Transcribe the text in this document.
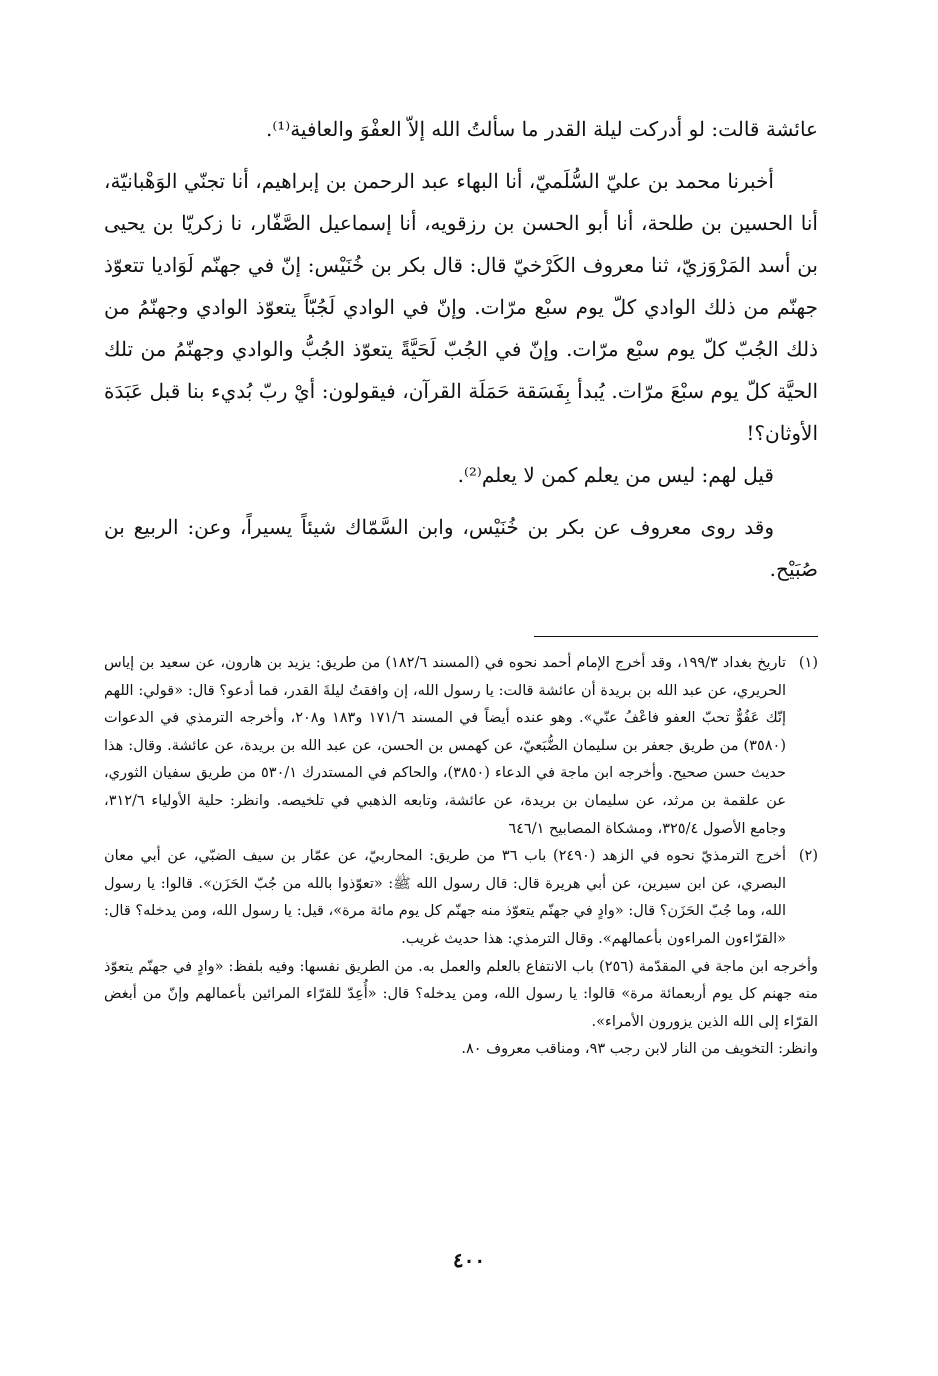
عائشة قالت: لو أدركت ليلة القدر ما سألتُ الله إلاّ العفْوَ والعافية⁽¹⁾.

أخبرنا محمد بن عليّ السُّلَميّ، أنا البهاء عبد الرحمن بن إبراهيم، أنا تجنّي الوَهْبانيّة، أنا الحسين بن طلحة، أنا أبو الحسن بن رزقويه، أنا إسماعيل الصَّفّار، نا زكريّا بن يحيى بن أسد المَرْوَزيّ، ثنا معروف الكَرْخيّ قال: قال بكر بن خُنَيْس: إنّ في جهنّم لَوَاديا تتعوّذ جهنّم من ذلك الوادي كلّ يوم سبْع مرّات. وإنّ في الوادي لَجُبّاً يتعوّذ الوادي وجهنّمُ من ذلك الجُبّ كلّ يوم سبْع مرّات. وإنّ في الجُبّ لَحَيَّةً يتعوّذ الجُبُّ والوادي وجهنّمُ من تلك الحيَّة كلّ يوم سبْعَ مرّات. يُبدأ بِفَسَقة حَمَلَة القرآن، فيقولون: أيْ ربّ بُديء بنا قبل عَبَدَة الأوثان؟!

قيل لهم: ليس من يعلم كمن لا يعلم⁽²⁾.

وقد روى معروف عن بكر بن خُنَيْس، وابن السَّمّاك شيئاً يسيراً، وعن: الربيع بن صُبَيْح.

(١)
تاريخ بغداد ١٩٩/٣، وقد أخرج الإمام أحمد نحوه في (المسند ١٨٢/٦) من طريق: يزيد بن هارون، عن سعيد بن إياس الحريري، عن عبد الله بن بريدة أن عائشة قالت: يا رسول الله، إن وافقتُ ليلةَ القدر، فما أدعو؟ قال: «قولي: اللهم إنّك عَفُوٌّ تحبّ العفو فاعْفُ عنّي». وهو عنده أيضاً في المسند ١٧١/٦ و١٨٣ و٢٠٨، وأخرجه الترمذي في الدعوات (٣٥٨٠) من طريق جعفر بن سليمان الضُّبَعيّ، عن كهمس بن الحسن، عن عبد الله بن بريدة، عن عائشة. وقال: هذا حديث حسن صحيح. وأخرجه ابن ماجة في الدعاء (٣٨٥٠)، والحاكم في المستدرك ٥٣٠/١ من طريق سفيان الثوري، عن علقمة بن مرثد، عن سليمان بن بريدة، عن عائشة، وتابعه الذهبي في تلخيصه. وانظر: حلية الأولياء ٣١٢/٦، وجامع الأصول ٣٢٥/٤، ومشكاة المصابيح ٦٤٦/١
(٢)
أخرج الترمذيّ نحوه في الزهد (٢٤٩٠) باب ٣٦ من طريق: المحاربيّ، عن عمّار بن سيف الضبّي، عن أبي معان البصري، عن ابن سيرين، عن أبي هريرة قال: قال رسول الله ﷺ: «تعوّذوا بالله من جُبّ الحَزَن». قالوا: يا رسول الله، وما جُبّ الحَزَن؟ قال: «وادٍ في جهنّم يتعوّذ منه جهنّم كل يوم مائة مرة»، قيل: يا رسول الله، ومن يدخله؟ قال: «القرّاءون المراءون بأعمالهم». وقال الترمذي: هذا حديث غريب.

وأخرجه ابن ماجة في المقدّمة (٢٥٦) باب الانتفاع بالعلم والعمل به. من الطريق نفسها: وفيه بلفظ: «وادٍ في جهنّم يتعوّذ منه جهنم كل يوم أربعمائة مرة» قالوا: يا رسول الله، ومن يدخله؟ قال: «أُعِدّ للقرّاء المرائين بأعمالهم وإنّ من أبغض القرّاء إلى الله الذين يزورون الأمراء».

وانظر: التخويف من النار لابن رجب ٩٣، ومناقب معروف ٨٠.

٤٠٠
